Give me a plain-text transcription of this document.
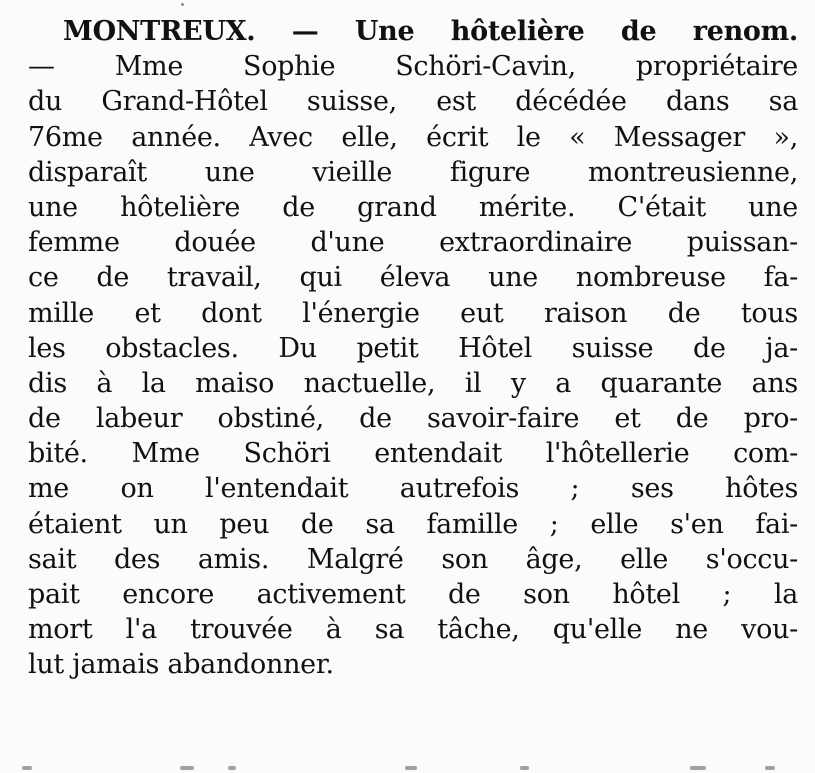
MONTREUX. — Une hôtelière de renom.
— Mme Sophie Schöri-Cavin, propriétaire
du Grand-Hôtel suisse, est décédée dans sa
76me année. Avec elle, écrit le « Messager »,
disparaît une vieille figure montreusienne,
une hôtelière de grand mérite. C'était une
femme douée d'une extraordinaire puissan-
ce de travail, qui éleva une nombreuse fa-
mille et dont l'énergie eut raison de tous
les obstacles. Du petit Hôtel suisse de ja-
dis à la maiso nactuelle, il y a quarante ans
de labeur obstiné, de savoir-faire et de pro-
bité. Mme Schöri entendait l'hôtellerie com-
me on l'entendait autrefois ; ses hôtes
étaient un peu de sa famille ; elle s'en fai-
sait des amis. Malgré son âge, elle s'occu-
pait encore activement de son hôtel ; la
mort l'a trouvée à sa tâche, qu'elle ne vou-
lut jamais abandonner.
